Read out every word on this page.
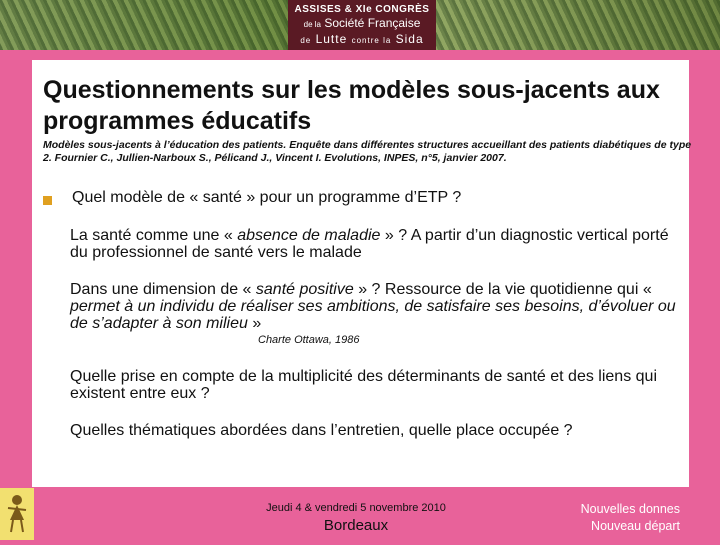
ASSISES & XIe CONGRÈS
de la Société Française
de Lutte contre la Sida
Questionnements sur les modèles sous-jacents aux programmes éducatifs
Modèles sous-jacents à l’éducation des patients. Enquête dans différentes structures accueillant des patients diabétiques de type 2. Fournier C., Jullien-Narboux S., Pélicand J., Vincent I. Evolutions, INPES, n°5, janvier 2007.

Quel modèle de « santé » pour un programme d’ETP ?

La santé comme une « absence de maladie » ? A partir d’un diagnostic vertical porté du professionnel de santé vers le malade

Dans une dimension de « santé positive » ? Ressource de la vie quotidienne qui « permet à un individu de réaliser ses ambitions, de satisfaire ses besoins, d’évoluer ou de s’adapter à son milieu »

Charte Ottawa, 1986

Quelle prise en compte de la multiplicité des déterminants de santé et des liens qui existent entre eux ?

Quelles thématiques abordées dans l’entretien, quelle place occupée ?

Jeudi 4 & vendredi 5 novembre 2010
Bordeaux
Nouvelles donnes
Nouveau départ
